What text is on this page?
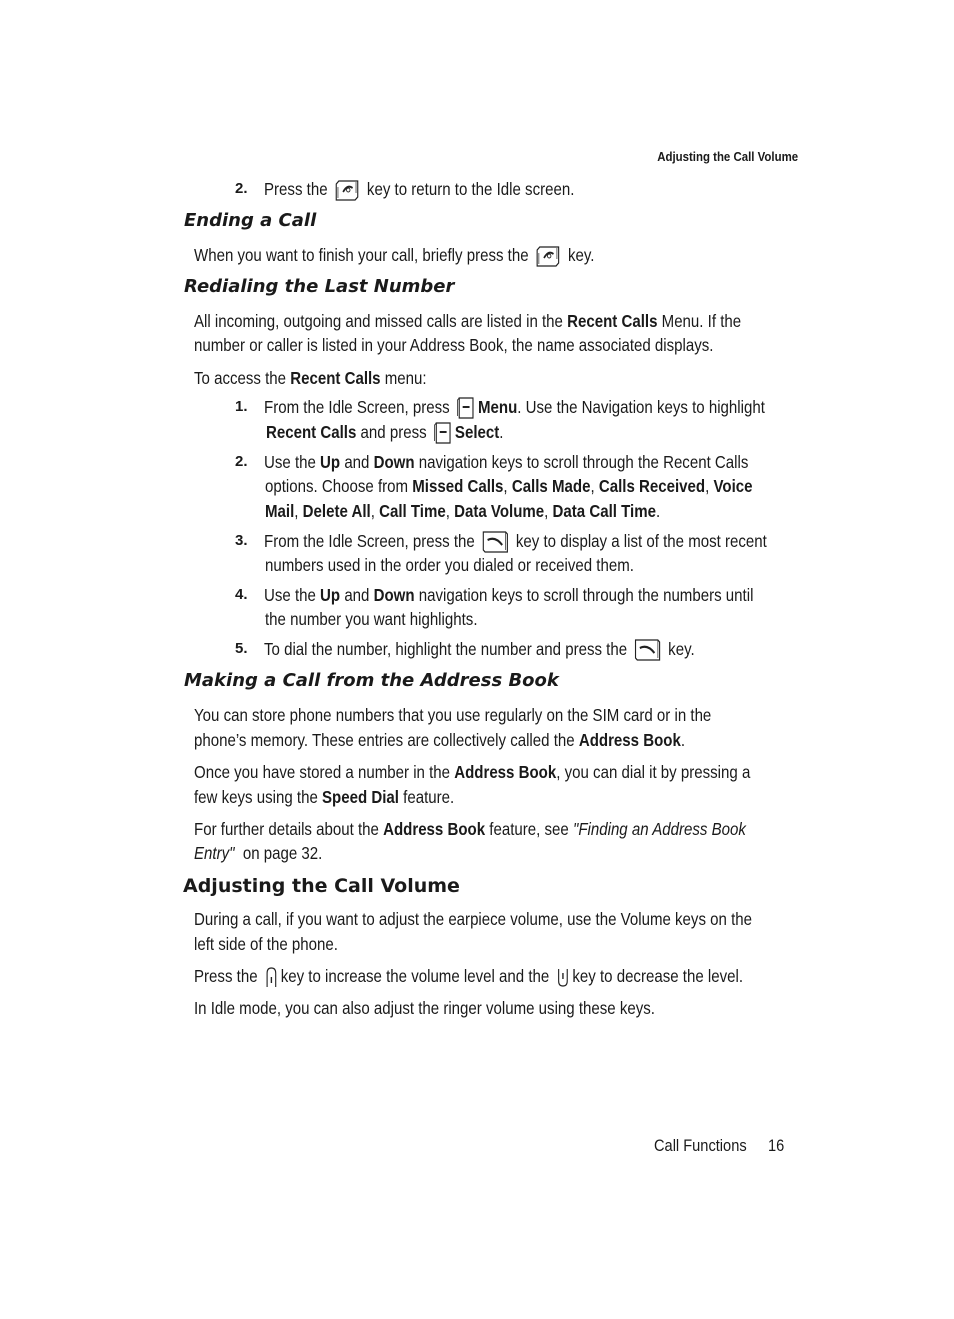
Adjusting the Call Volume
2. Press the key to return to the Idle screen.
Ending a Call
When you want to finish your call, briefly press the key.
Redialing the Last Number
All incoming, outgoing and missed calls are listed in the Recent Calls Menu. If the
number or caller is listed in your Address Book, the name associated displays.
To access the Recent Calls menu:
1. From the Idle Screen, press Menu. Use the Navigation keys to highlight
Recent Calls and press Select.
2. Use the Up and Down navigation keys to scroll through the Recent Calls
options. Choose from Missed Calls, Calls Made, Calls Received, Voice
Mail, Delete All, Call Time, Data Volume, Data Call Time.
3. From the Idle Screen, press the key to display a list of the most recent
numbers used in the order you dialed or received them.
4. Use the Up and Down navigation keys to scroll through the numbers until
the number you want highlights.
5. To dial the number, highlight the number and press the key.
Making a Call from the Address Book
You can store phone numbers that you use regularly on the SIM card or in the
phone’s memory. These entries are collectively called the Address Book.
Once you have stored a number in the Address Book, you can dial it by pressing a
few keys using the Speed Dial feature.
For further details about the Address Book feature, see "Finding an Address Book
Entry" on page 32.
Adjusting the Call Volume
During a call, if you want to adjust the earpiece volume, use the Volume keys on the
left side of the phone.
Press the key to increase the volume level and the key to decrease the level.
In Idle mode, you can also adjust the ringer volume using these keys.
Call Functions 16
